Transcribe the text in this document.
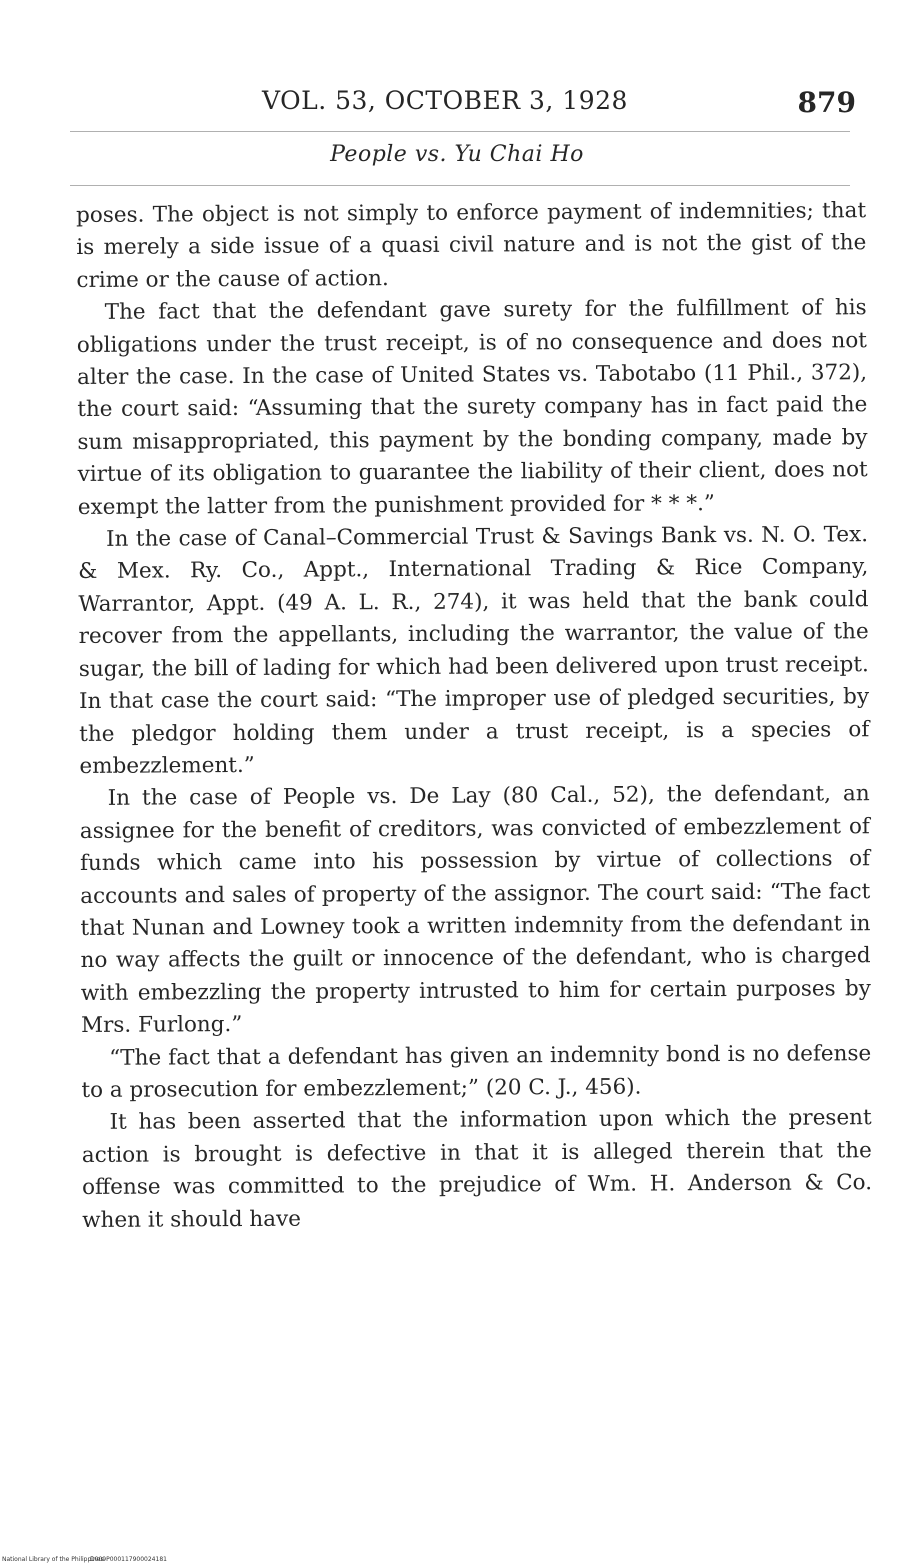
VOL. 53, OCTOBER 3, 1928	879
People vs. Yu Chai Ho

poses. The object is not simply to enforce payment of indemnities; that is merely a side issue of a quasi civil nature and is not the gist of the crime or the cause of action.

The fact that the defendant gave surety for the fulfillment of his obligations under the trust receipt, is of no consequence and does not alter the case. In the case of United States vs. Tabotabo (11 Phil., 372), the court said: “Assuming that the surety company has in fact paid the sum misappropriated, this payment by the bonding company, made by virtue of its obligation to guarantee the liability of their client, does not exempt the latter from the punishment provided for * * *.”

In the case of Canal–Commercial Trust & Savings Bank vs. N. O. Tex. & Mex. Ry. Co., Appt., International Trading & Rice Company, Warrantor, Appt. (49 A. L. R., 274), it was held that the bank could recover from the appellants, including the warrantor, the value of the sugar, the bill of lading for which had been delivered upon trust receipt. In that case the court said: “The improper use of pledged securities, by the pledgor holding them under a trust receipt, is a species of embezzlement.”

In the case of People vs. De Lay (80 Cal., 52), the defendant, an assignee for the benefit of creditors, was convicted of embezzlement of funds which came into his possession by virtue of collections of accounts and sales of property of the assignor. The court said: “The fact that Nunan and Lowney took a written indemnity from the defendant in no way affects the guilt or innocence of the defendant, who is charged with embezzling the property intrusted to him for certain purposes by Mrs. Furlong.”

“The fact that a defendant has given an indemnity bond is no defense to a prosecution for embezzlement;” (20 C. J., 456).

It has been asserted that the information upon which the present action is brought is defective in that it is alleged therein that the offense was committed to the prejudice of Wm. H. Anderson & Co. when it should have

National Library of the Philippines
D009P000117900024181
